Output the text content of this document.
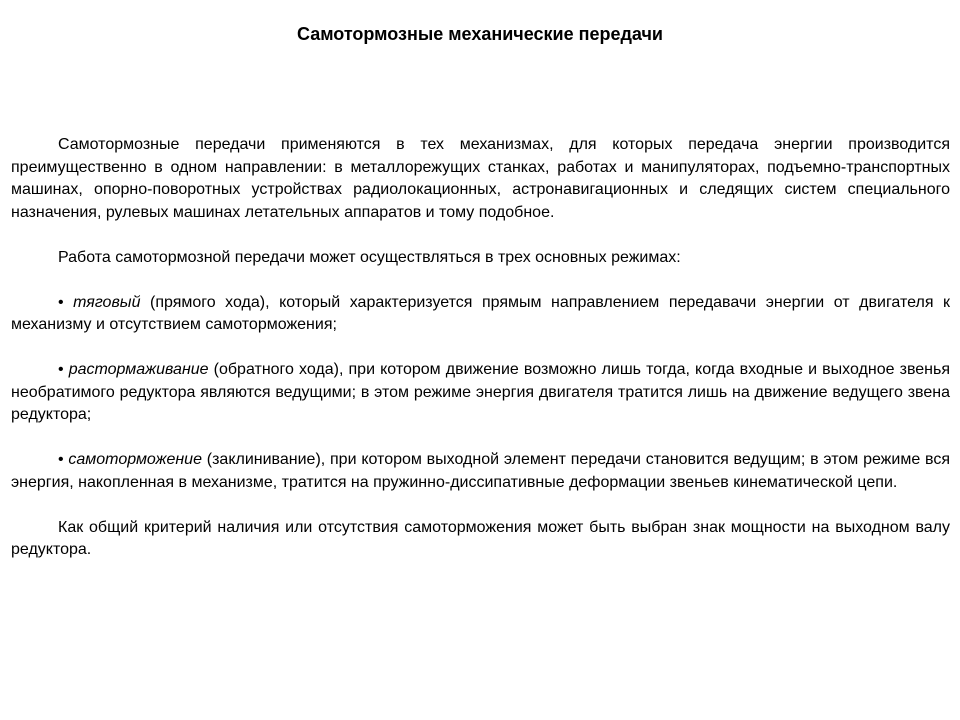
Самотормозные механические передачи

Самотормозные передачи применяются в тех механизмах, для которых передача энергии производится преимущественно в одном направлении: в металлорежущих станках, работах и манипуляторах, подъемно-транспортных машинах, опорно-поворотных устройствах радиолокационных, астронавигационных и следящих систем специального назначения, рулевых машинах летательных аппаратов и тому подобное.

Работа самотормозной передачи может осуществляться в трех основных режимах:

• тяговый (прямого хода), который характеризуется прямым направлением передавачи энергии от двигателя к механизму и отсутствием самоторможения;

• растормаживание (обратного хода), при котором движение возможно лишь тогда, когда входные и выходное звенья необратимого редуктора являются ведущими; в этом режиме энергия двигателя тратится лишь на движение ведущего звена редуктора;

• самоторможение (заклинивание), при котором выходной элемент передачи становится ведущим; в этом режиме вся энергия, накопленная в механизме, тратится на пружинно-диссипативные деформации звеньев кинематической цепи.

Как общий критерий наличия или отсутствия самоторможения может быть выбран знак мощности на выходном валу редуктора.
